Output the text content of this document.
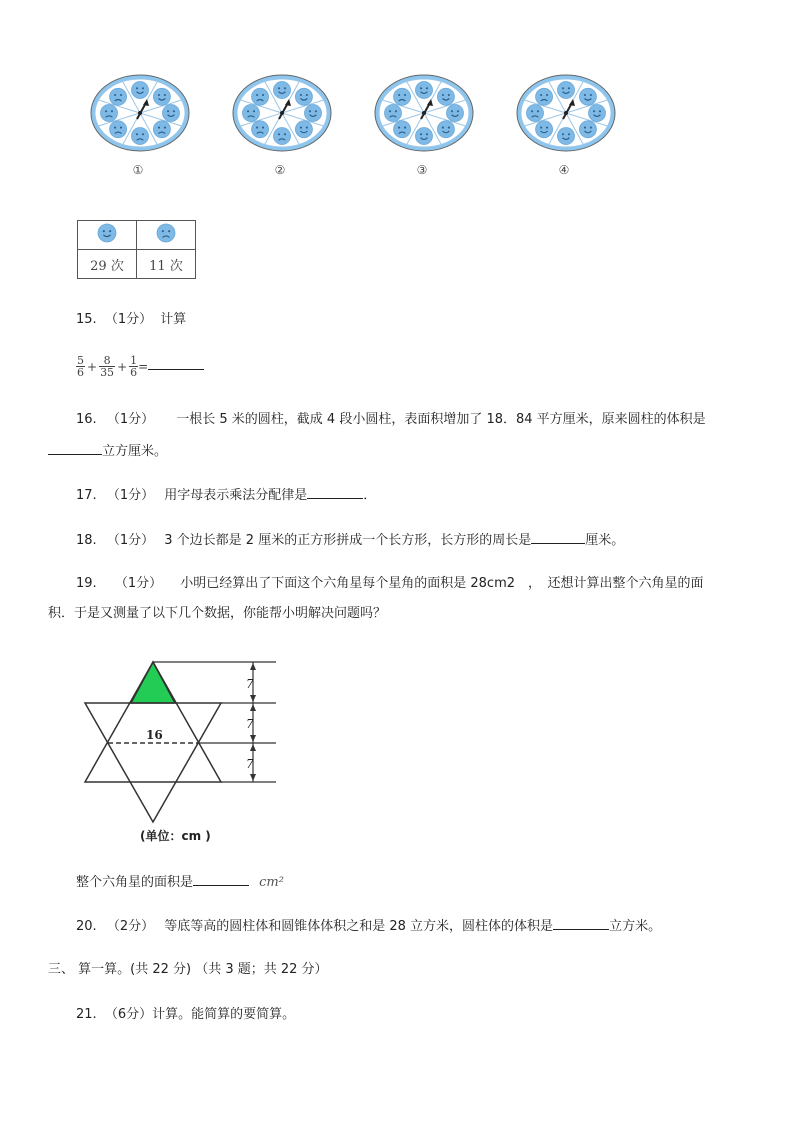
①	②	③	④

29 次	11 次
15. （1分） 计算
$\frac{5}{6} + \frac{8}{35} + \frac{1}{6}$ =
16. （1分） 一根长 5 米的圆柱，截成 4 段小圆柱，表面积增加了 18．84 平方厘米，原来圆柱的体积是
立方厘米。
17. （1分） 用字母表示乘法分配律是	．
18. （1分） 3 个边长都是 2 厘米的正方形拼成一个长方形，长方形的周长是	厘米。
19. （1分） 小明已经算出了下面这个六角星每个星角的面积是 28cm2　，　还想计算出整个六角星的面
积．于是又测量了以下几个数据，你能帮小明解决问题吗？
16
7
7
7
(单位：cm )
整个六角星的面积是	cm²
20. （2分） 等底等高的圆柱体和圆锥体体积之和是 28 立方米，圆柱体的体积是	立方米。
三、 算一算。(共 22 分) （共 3 题；共 22 分）
21. （6分）计算。能简算的要简算。
